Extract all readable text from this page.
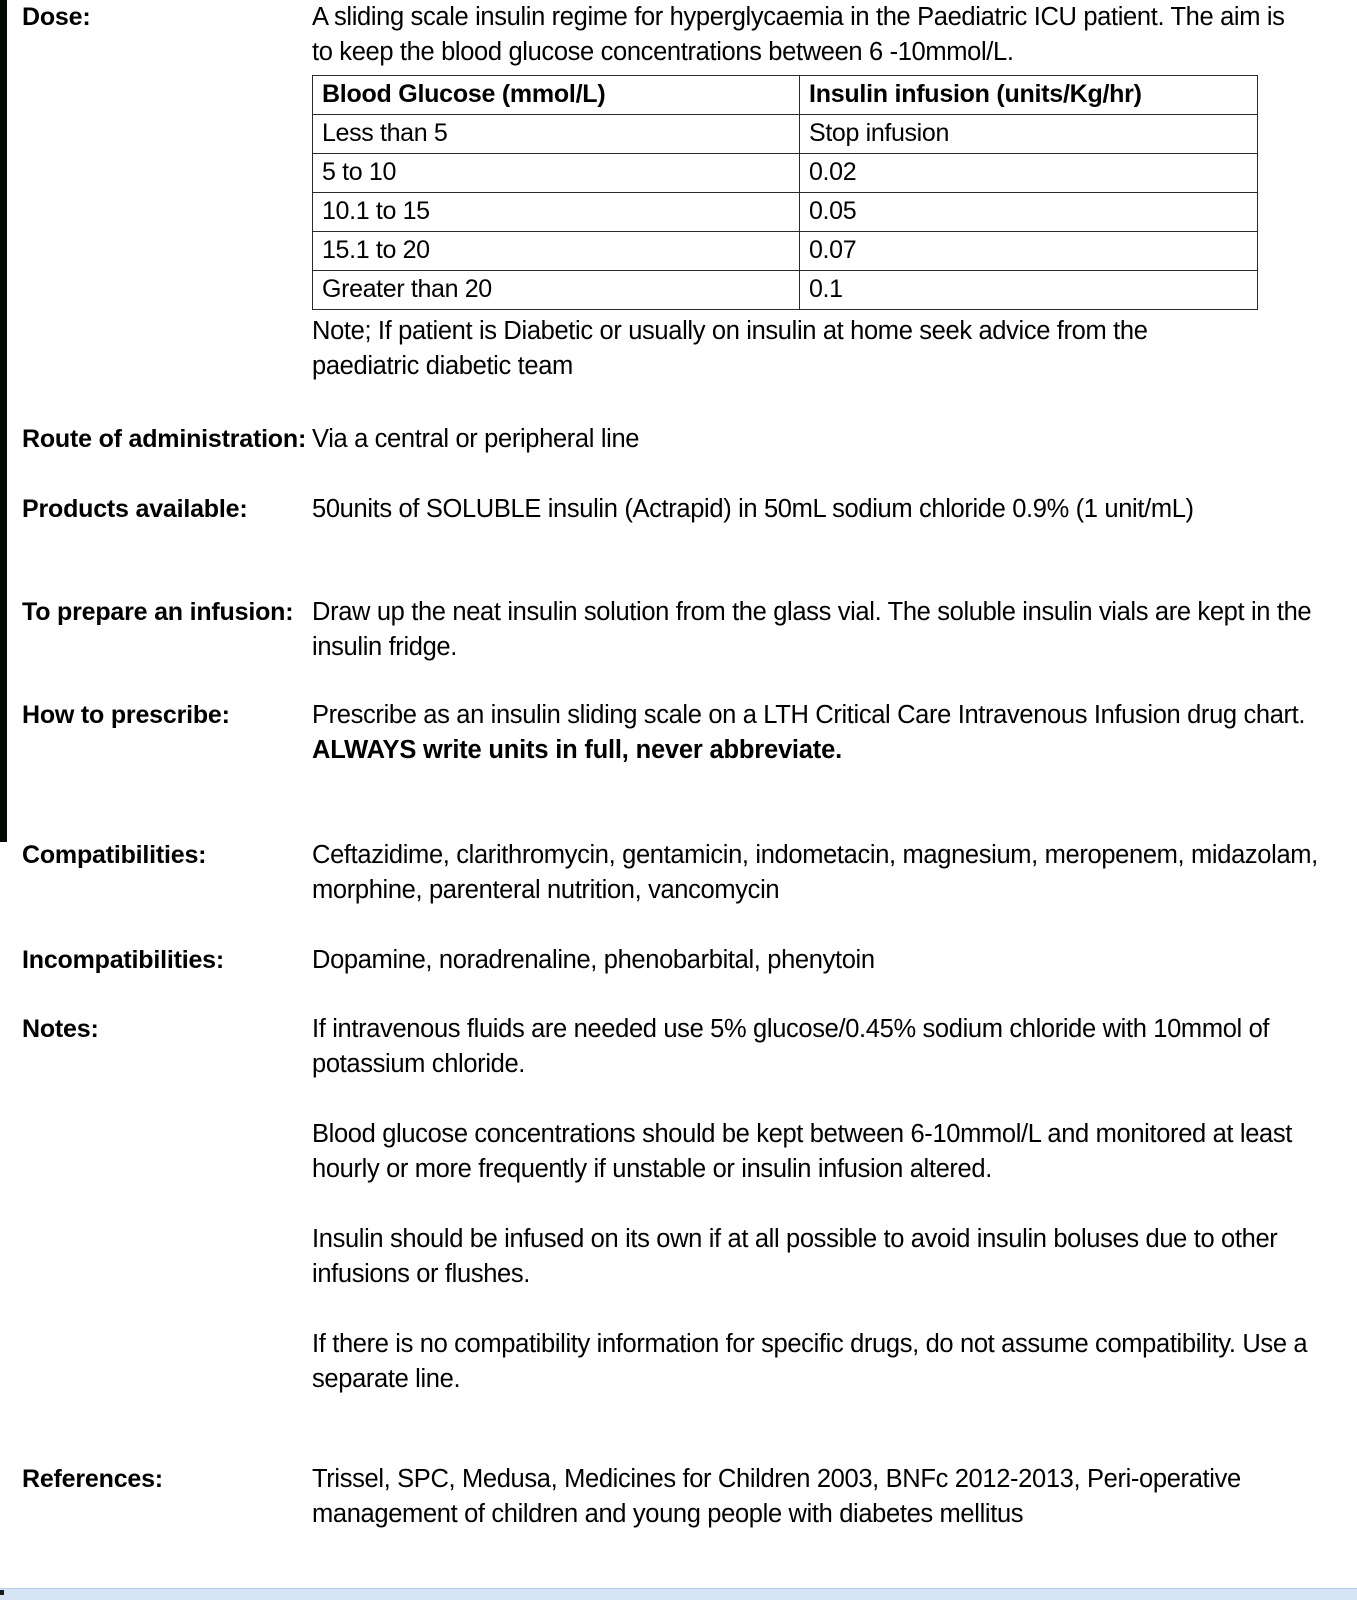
Dose:	A sliding scale insulin regime for hyperglycaemia in the Paediatric ICU patient. The aim is to keep the blood glucose concentrations between 6 -10mmol/L.

Blood Glucose (mmol/L)	Insulin infusion (units/Kg/hr)
Less than 5	Stop infusion
5 to 10	0.02
10.1 to 15	0.05
15.1 to 20	0.07
Greater than 20	0.1

Note; If patient is Diabetic or usually on insulin at home seek advice from the paediatric diabetic team

Route of administration: Via a central or peripheral line
Products available:	50units of SOLUBLE insulin (Actrapid) in 50mL sodium chloride 0.9% (1 unit/mL)
To prepare an infusion: Draw up the neat insulin solution from the glass vial. The soluble insulin vials are kept in the insulin fridge.
How to prescribe:	Prescribe as an insulin sliding scale on a LTH Critical Care Intravenous Infusion drug chart.
ALWAYS write units in full, never abbreviate.
Compatibilities:	Ceftazidime, clarithromycin, gentamicin, indometacin, magnesium, meropenem, midazolam, morphine, parenteral nutrition, vancomycin
Incompatibilities:	Dopamine, noradrenaline, phenobarbital, phenytoin
Notes:	If intravenous fluids are needed use 5% glucose/0.45% sodium chloride with 10mmol of potassium chloride.

Blood glucose concentrations should be kept between 6-10mmol/L and monitored at least hourly or more frequently if unstable or insulin infusion altered.

Insulin should be infused on its own if at all possible to avoid insulin boluses due to other infusions or flushes.

If there is no compatibility information for specific drugs, do not assume compatibility. Use a separate line.

References:	Trissel, SPC, Medusa, Medicines for Children 2003, BNFc 2012-2013, Peri-operative management of children and young people with diabetes mellitus
